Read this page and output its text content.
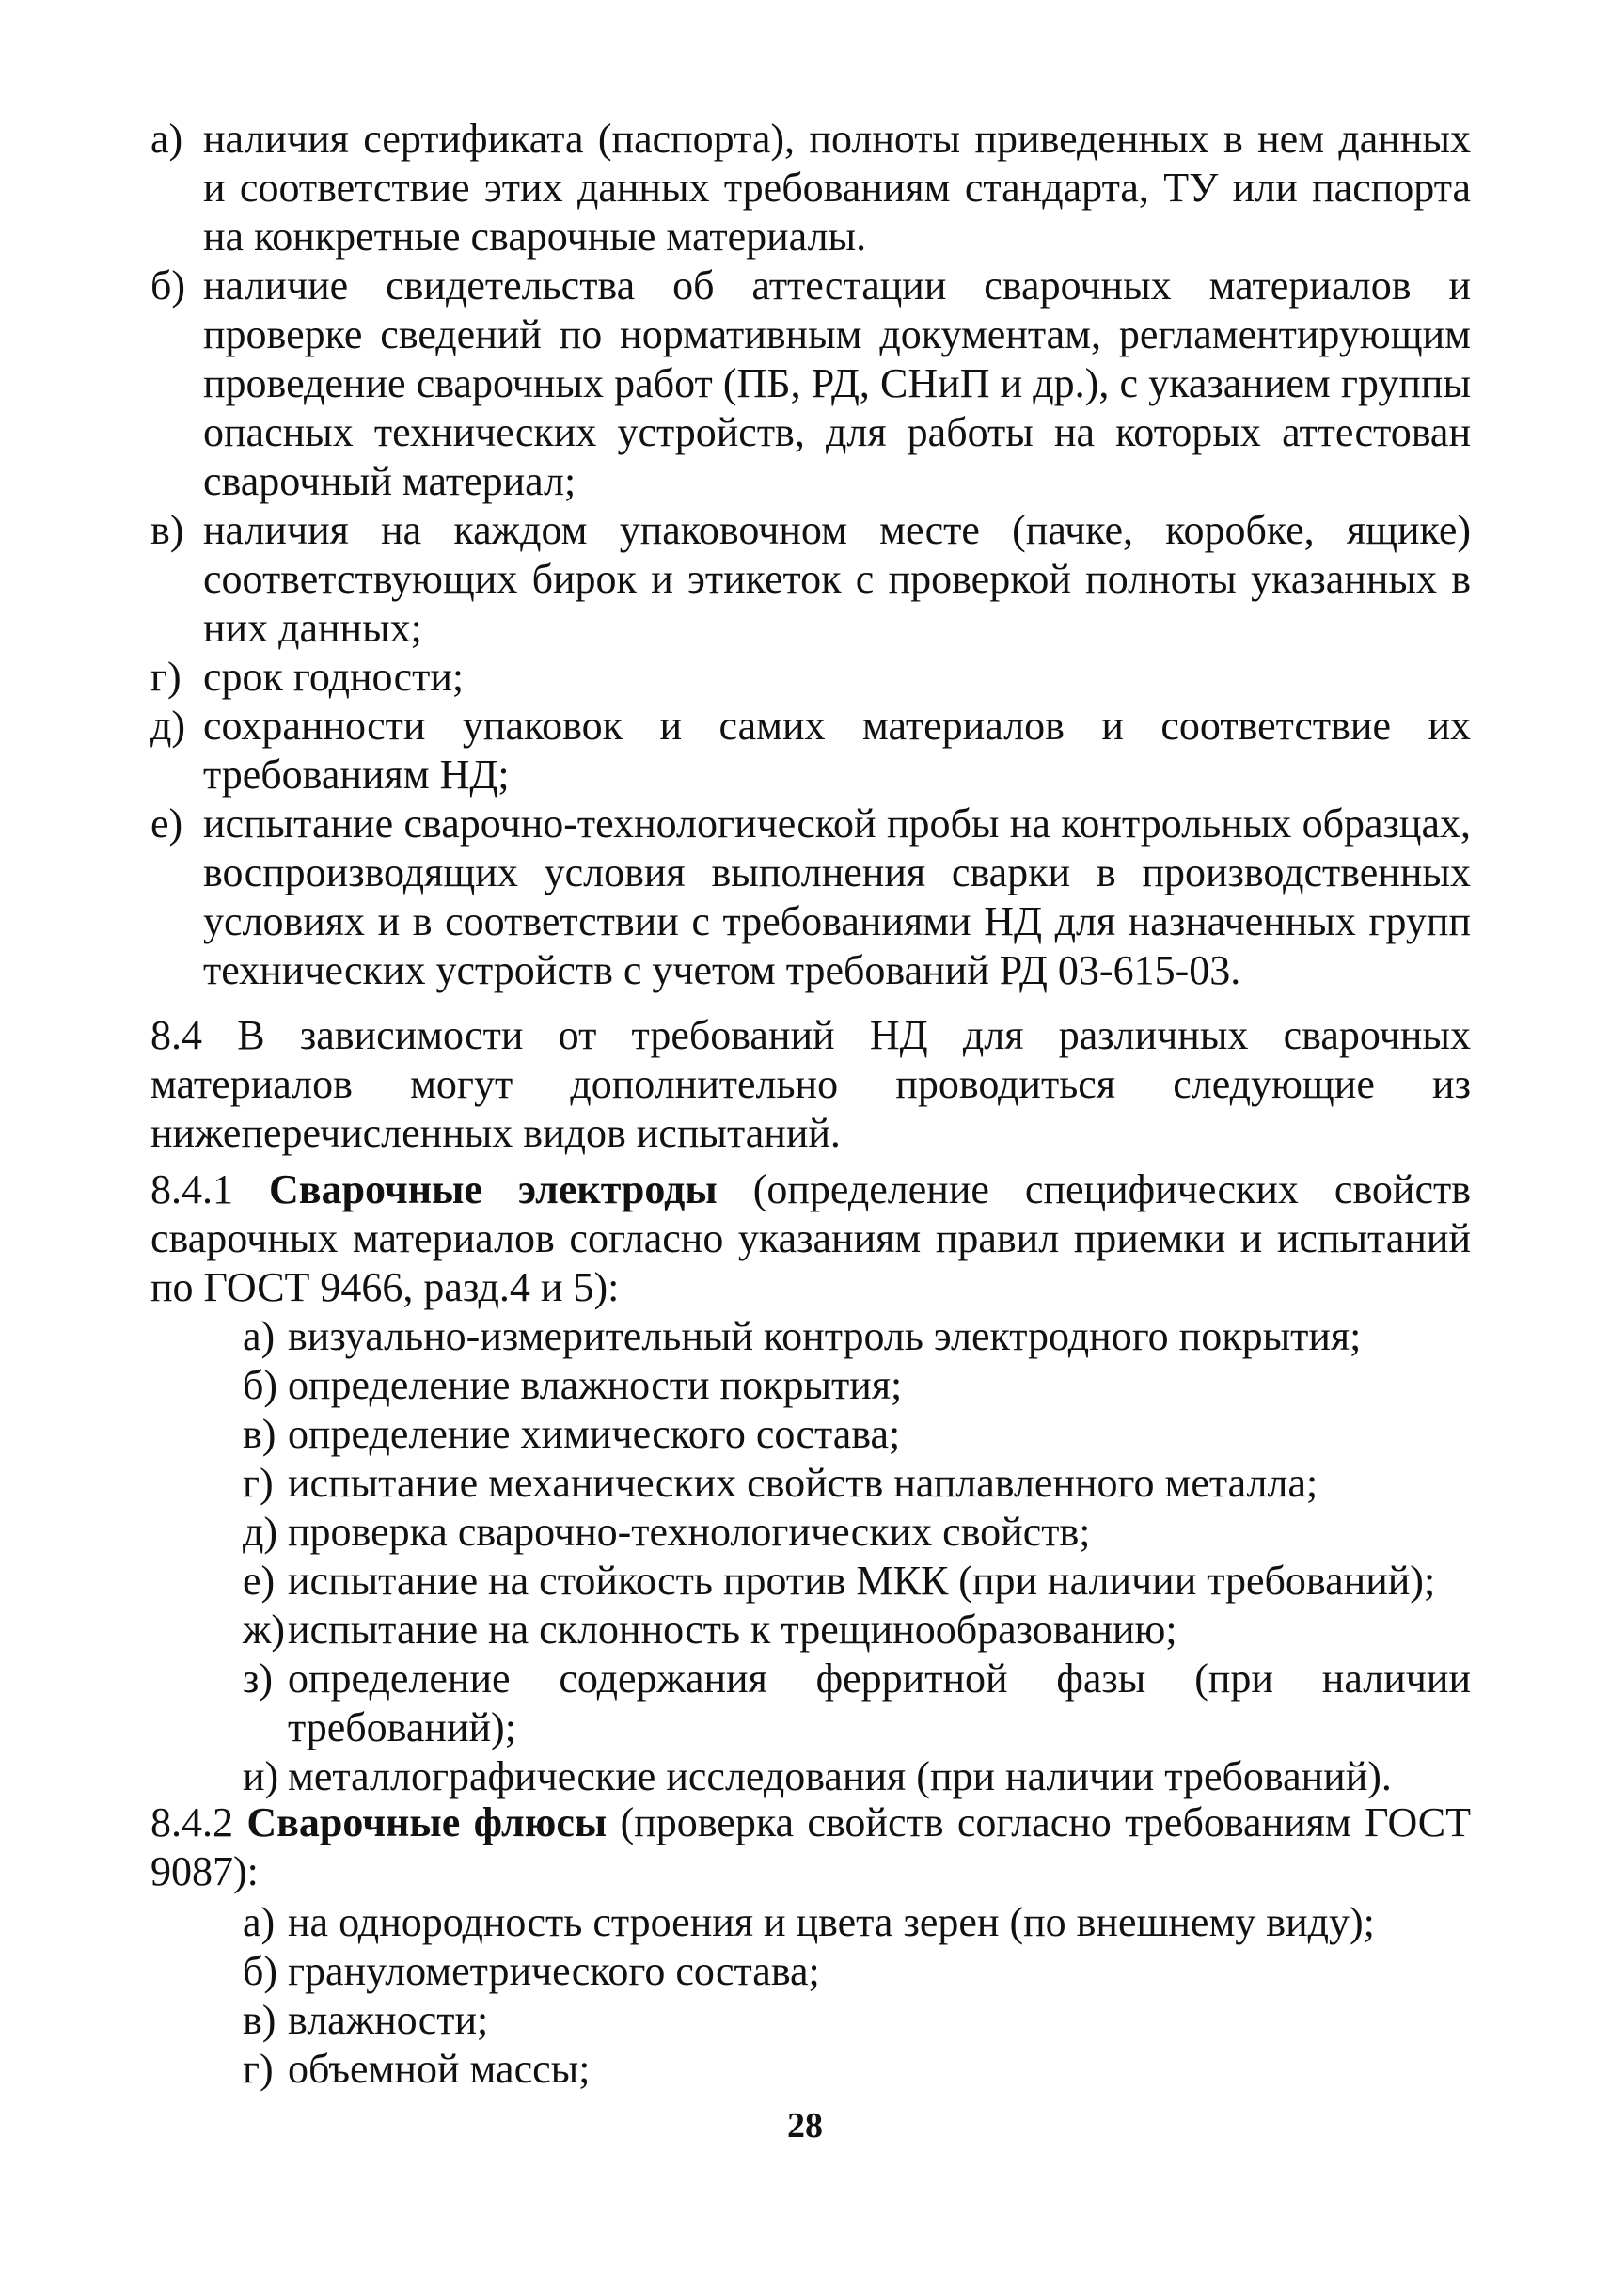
а) наличия сертификата (паспорта), полноты приведенных в нем данных и соответствие этих данных требованиям стандарта, ТУ или паспорта на конкретные сварочные материалы.

б) наличие свидетельства об аттестации сварочных материалов и проверке сведений по нормативным документам, регламентирующим проведение сварочных работ (ПБ, РД, СНиП и др.), с указанием группы опасных технических устройств, для работы на которых аттестован сварочный материал;

в) наличия на каждом упаковочном месте (пачке, коробке, ящике) соответствующих бирок и этикеток с проверкой полноты указанных в них данных;

г) срок годности;

д) сохранности упаковок и самих материалов и соответствие их требованиям НД;

е) испытание сварочно-технологической пробы на контрольных образцах, воспроизводящих условия выполнения сварки в производственных условиях и в соответствии с требованиями НД для назначенных групп технических устройств с учетом требований РД 03-615-03.

8.4 В зависимости от требований НД для различных сварочных материалов могут дополнительно проводиться следующие из нижеперечисленных видов испытаний.

8.4.1 Сварочные электроды (определение специфических свойств сварочных материалов согласно указаниям правил приемки и испытаний по ГОСТ 9466, разд.4 и 5):

а) визуально-измерительный контроль электродного покрытия;

б) определение влажности покрытия;

в) определение химического состава;

г) испытание механических свойств наплавленного металла;

д) проверка сварочно-технологических свойств;

е) испытание на стойкость против МКК (при наличии требований);

ж) испытание на склонность к трещинообразованию;

з) определение содержания ферритной фазы (при наличии требований);

и) металлографические исследования (при наличии требований).

8.4.2 Сварочные флюсы (проверка свойств согласно требованиям ГОСТ 9087):

а) на однородность строения и цвета зерен (по внешнему виду);

б) гранулометрического состава;

в) влажности;

г) объемной массы;

28
